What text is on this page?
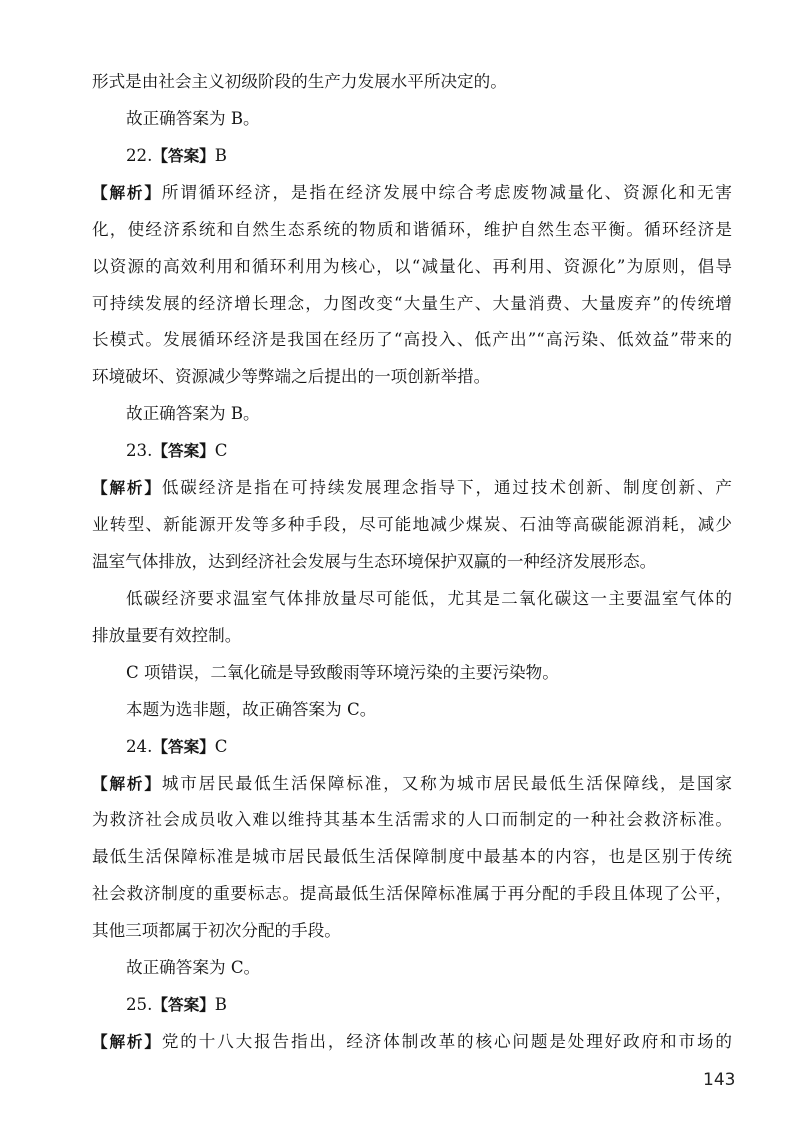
形式是由社会主义初级阶段的生产力发展水平所决定的。
故正确答案为 B。
22.【答案】B
【解析】所谓循环经济，是指在经济发展中综合考虑废物减量化、资源化和无害
化，使经济系统和自然生态系统的物质和谐循环，维护自然生态平衡。循环经济是
以资源的高效利用和循环利用为核心，以“减量化、再利用、资源化”为原则，倡导
可持续发展的经济增长理念，力图改变“大量生产、大量消费、大量废弃”的传统增
长模式。发展循环经济是我国在经历了“高投入、低产出”“高污染、低效益”带来的
环境破坏、资源减少等弊端之后提出的一项创新举措。
故正确答案为 B。
23.【答案】C
【解析】低碳经济是指在可持续发展理念指导下，通过技术创新、制度创新、产
业转型、新能源开发等多种手段，尽可能地减少煤炭、石油等高碳能源消耗，减少
温室气体排放，达到经济社会发展与生态环境保护双赢的一种经济发展形态。
低碳经济要求温室气体排放量尽可能低，尤其是二氧化碳这一主要温室气体的
排放量要有效控制。
C 项错误，二氧化硫是导致酸雨等环境污染的主要污染物。
本题为选非题，故正确答案为 C。
24.【答案】C
【解析】城市居民最低生活保障标准，又称为城市居民最低生活保障线，是国家
为救济社会成员收入难以维持其基本生活需求的人口而制定的一种社会救济标准。
最低生活保障标准是城市居民最低生活保障制度中最基本的内容，也是区别于传统
社会救济制度的重要标志。提高最低生活保障标准属于再分配的手段且体现了公平，
其他三项都属于初次分配的手段。
故正确答案为 C。
143
25.【答案】B
【解析】党的十八大报告指出，经济体制改革的核心问题是处理好政府和市场的
